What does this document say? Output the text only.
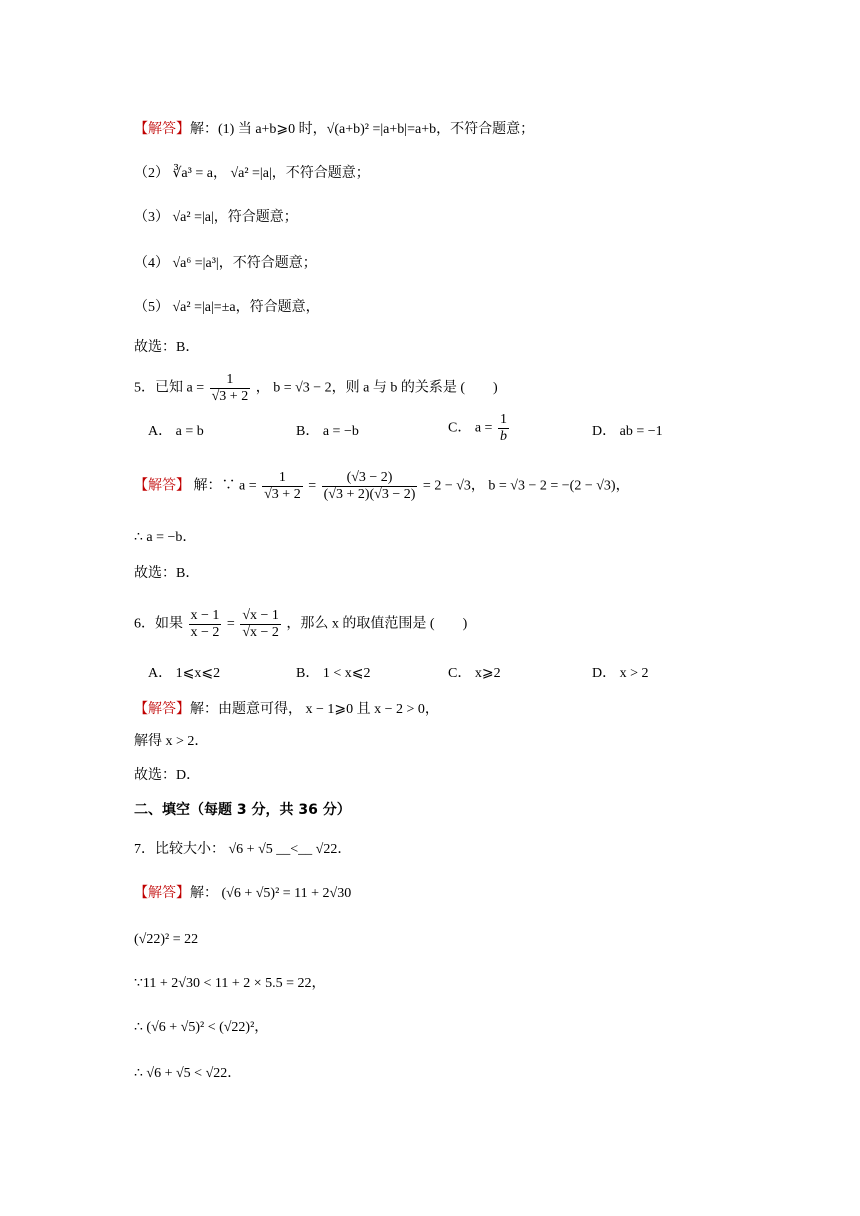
【解答】解：(1) 当 a+b⩾0 时，√(a+b)² =|a+b|=a+b，不符合题意；
（2） ∛a³ = a， √a² =|a|，不符合题意；
（3） √a² =|a|，符合题意；
（4） √a⁶ =|a³|，不符合题意；
（5） √a² =|a|=±a，符合题意，
故选：B．
5．已知 $a = \frac{1}{√3 + 2}$ ， b = √3 − 2，则 a 与 b 的关系是 (　　)
A． a = b	B． a = −b	C． $a = \frac{1}{b}$	D． ab = −1
【解答】 解：∵ $a = \frac{1}{√3 + 2} = \frac{(√3 - 2)}{(√3 + 2)(√3 - 2)} = 2 - √3$， b = √3 − 2 = −(2 − √3)，
∴ a = −b．
故选：B．
6．如果 $\frac{x - 1}{x - 2} = \frac{√x - 1}{√x - 2}$ ，那么 x 的取值范围是 (　　)
A． 1⩽x⩽2	B． 1 < x⩽2	C． x⩾2	D． x > 2
【解答】解：由题意可得， x − 1⩾0 且 x − 2 > 0，
解得 x > 2．
故选：D．
二、填空（每题 3 分，共 36 分）
7．比较大小： √6 + √5 __<__ √22．
【解答】解： (√6 + √5)² = 11 + 2√30
(√22)² = 22
∵11 + 2√30 < 11 + 2 × 5.5 = 22，
∴ (√6 + √5)² < (√22)²，
∴ √6 + √5 < √22．
